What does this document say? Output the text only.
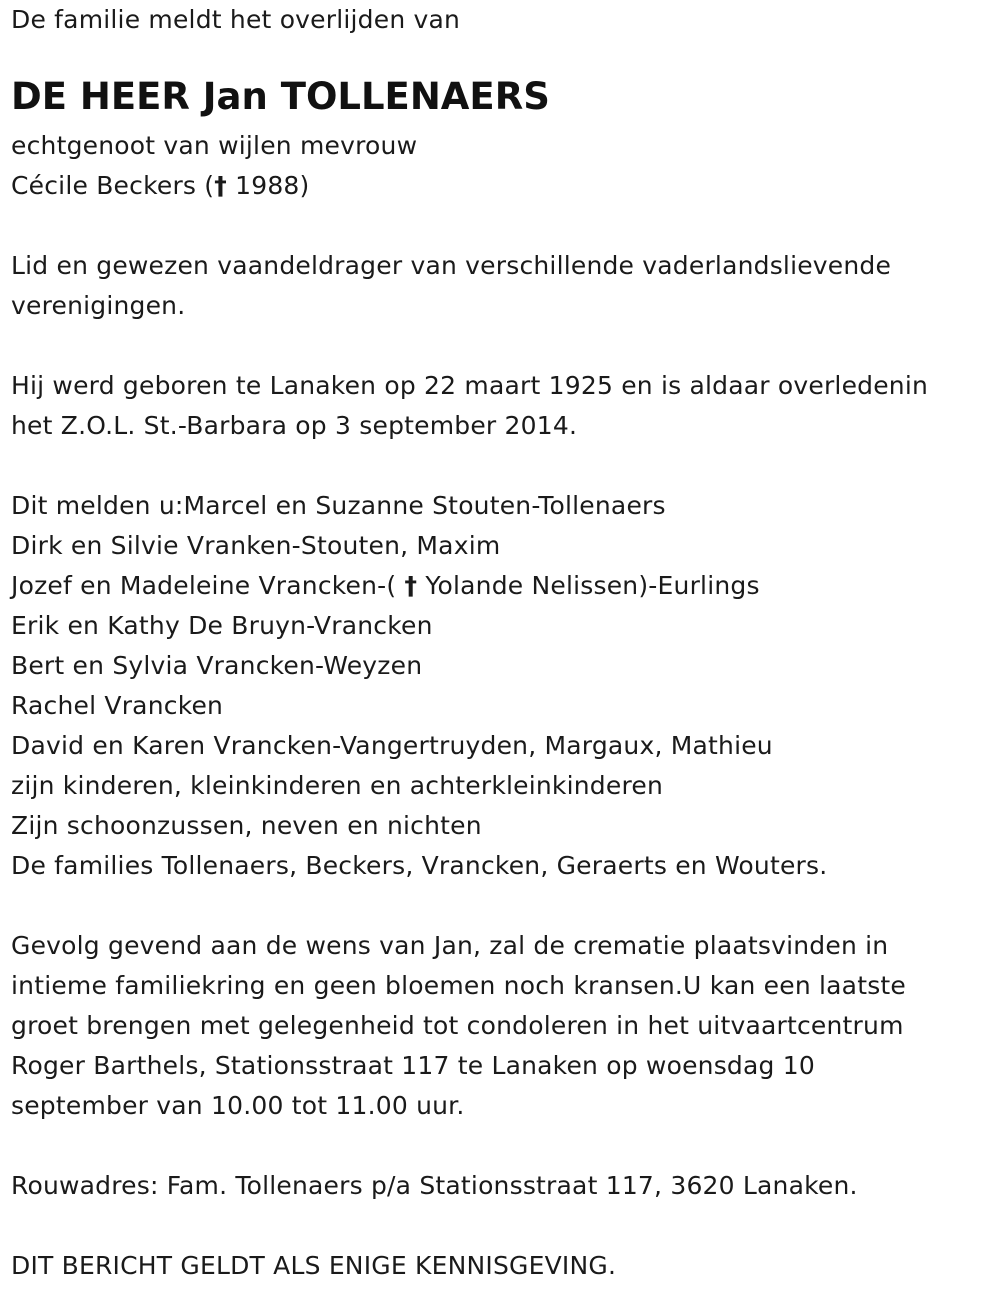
De familie meldt het overlijden van
DE HEER Jan TOLLENAERS
echtgenoot van wijlen mevrouw
Cécile Beckers († 1988)
Lid en gewezen vaandeldrager van verschillende vaderlandslievende
verenigingen.
Hij werd geboren te Lanaken op 22 maart 1925 en is aldaar overledenin
het Z.O.L. St.-Barbara op 3 september 2014.
Dit melden u:Marcel en Suzanne Stouten-Tollenaers
Dirk en Silvie Vranken-Stouten, Maxim
Jozef en Madeleine Vrancken-( † Yolande Nelissen)-Eurlings
Erik en Kathy De Bruyn-Vrancken
Bert en Sylvia Vrancken-Weyzen
Rachel Vrancken
David en Karen Vrancken-Vangertruyden, Margaux, Mathieu
zijn kinderen, kleinkinderen en achterkleinkinderen
Zijn schoonzussen, neven en nichten
De families Tollenaers, Beckers, Vrancken, Geraerts en Wouters.
Gevolg gevend aan de wens van Jan, zal de crematie plaatsvinden in
intieme familiekring en geen bloemen noch kransen.U kan een laatste
groet brengen met gelegenheid tot condoleren in het uitvaartcentrum
Roger Barthels, Stationsstraat 117 te Lanaken op woensdag 10
september van 10.00 tot 11.00 uur.
Rouwadres: Fam. Tollenaers p/a Stationsstraat 117, 3620 Lanaken.
DIT BERICHT GELDT ALS ENIGE KENNISGEVING.
